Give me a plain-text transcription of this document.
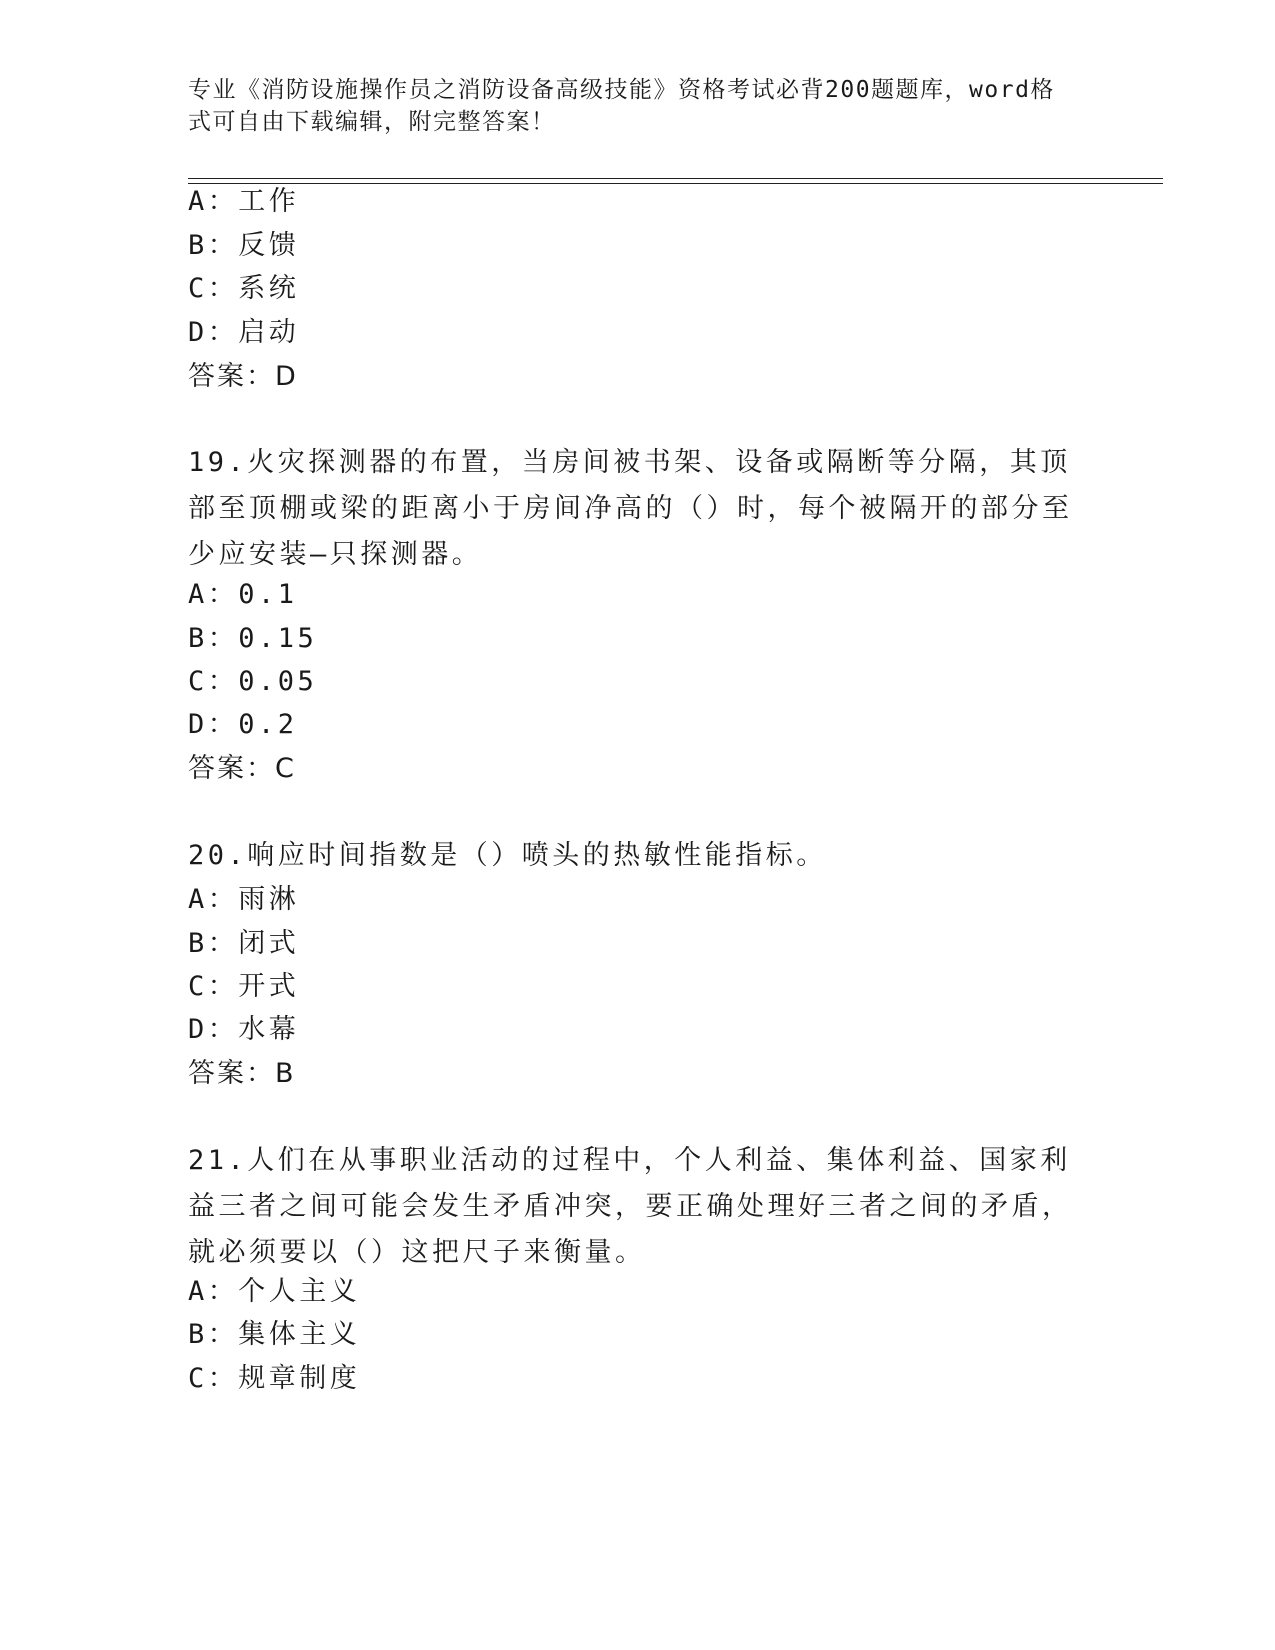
专业《消防设施操作员之消防设备高级技能》资格考试必背200题题库，word格式可自由下载编辑，附完整答案！
A：工作
B：反馈
C：系统
D：启动
答案：D
19.火灾探测器的布置，当房间被书架、设备或隔断等分隔，其顶部至顶棚或梁的距离小于房间净高的（）时，每个被隔开的部分至少应安装—只探测器。
A：0.1
B：0.15
C：0.05
D：0.2
答案：C
20.响应时间指数是（）喷头的热敏性能指标。
A：雨淋
B：闭式
C：开式
D：水幕
答案：B
21.人们在从事职业活动的过程中，个人利益、集体利益、国家利益三者之间可能会发生矛盾冲突，要正确处理好三者之间的矛盾，就必须要以（）这把尺子来衡量。
A：个人主义
B：集体主义
C：规章制度
